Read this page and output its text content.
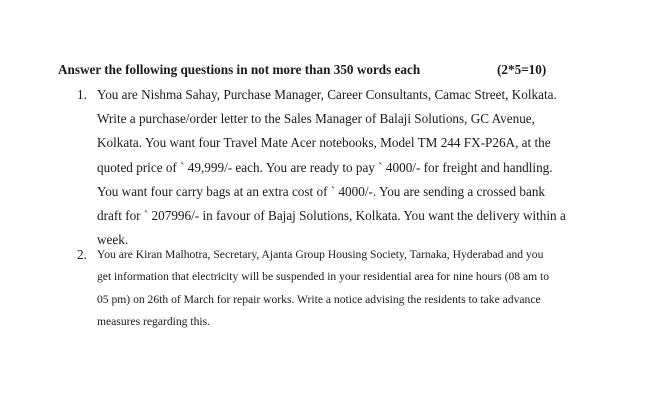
Answer the following questions in not more than 350 words each	(2*5=10)
1. You are Nishma Sahay, Purchase Manager, Career Consultants, Camac Street, Kolkata.
Write a purchase/order letter to the Sales Manager of Balaji Solutions, GC Avenue,
Kolkata. You want four Travel Mate Acer notebooks, Model TM 244 FX-P26A, at the
quoted price of ` 49,999/- each. You are ready to pay ` 4000/- for freight and handling.
You want four carry bags at an extra cost of ` 4000/-. You are sending a crossed bank
draft for ` 207996/- in favour of Bajaj Solutions, Kolkata. You want the delivery within a
week.
2. You are Kiran Malhotra, Secretary, Ajanta Group Housing Society, Tarnaka, Hyderabad and you
get information that electricity will be suspended in your residential area for nine hours (08 am to
05 pm) on 26th of March for repair works. Write a notice advising the residents to take advance
measures regarding this.
